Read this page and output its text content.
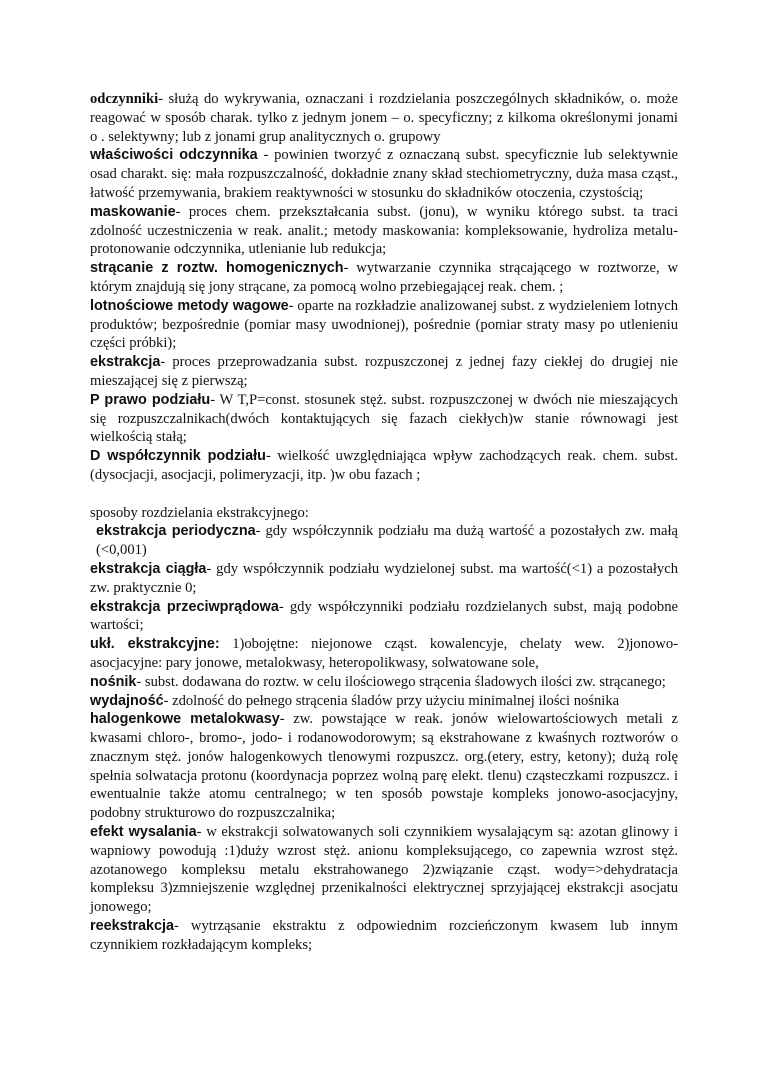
odczynniki- służą do wykrywania, oznaczani i rozdzielania poszczególnych składników, o. może reagować w sposób charak. tylko z jednym jonem – o. specyficzny; z kilkoma określonymi jonami o . selektywny; lub z jonami grup analitycznych o. grupowy

właściwości odczynnika - powinien tworzyć z oznaczaną subst. specyficznie lub selektywnie osad charakt. się: mała rozpuszczalność, dokładnie znany skład stechiometryczny, duża masa cząst., łatwość przemywania, brakiem reaktywności w stosunku do składników otoczenia, czystością;

maskowanie- proces chem. przekształcania subst. (jonu), w wyniku którego subst. ta traci zdolność uczestniczenia w reak. analit.; metody maskowania: kompleksowanie, hydroliza metalu-protonowanie odczynnika, utlenianie lub redukcja;

strącanie z roztw. homogenicznych- wytwarzanie czynnika strącającego w roztworze, w którym znajdują się jony strącane, za pomocą wolno przebiegającej reak. chem. ;

lotnościowe metody wagowe- oparte na rozkładzie analizowanej subst. z wydzieleniem lotnych produktów; bezpośrednie (pomiar masy uwodnionej), pośrednie (pomiar straty masy po utlenieniu części próbki);

ekstrakcja- proces przeprowadzania subst. rozpuszczonej z jednej fazy ciekłej do drugiej nie mieszającej się z pierwszą;

P prawo podziału- W T,P=const. stosunek stęż. subst. rozpuszczonej w dwóch nie mieszających się rozpuszczalnikach(dwóch kontaktujących się fazach ciekłych)w stanie równowagi jest wielkością stałą;

D współczynnik podziału- wielkość uwzględniająca wpływ zachodzących reak. chem. subst. (dysocjacji, asocjacji, polimeryzacji, itp. )w obu fazach ;

sposoby rozdzielania ekstrakcyjnego:

ekstrakcja periodyczna- gdy współczynnik podziału ma dużą wartość a pozostałych zw. małą (<0,001)

ekstrakcja ciągła- gdy współczynnik podziału wydzielonej subst. ma wartość(<1) a pozostałych zw. praktycznie 0;

ekstrakcja przeciwprądowa- gdy współczynniki podziału rozdzielanych subst, mają podobne wartości;

ukł. ekstrakcyjne: 1)obojętne: niejonowe cząst. kowalencyje, chelaty wew. 2)jonowo-asocjacyjne: pary jonowe, metalokwasy, heteropolikwasy, solwatowane sole,

nośnik- subst. dodawana do roztw. w celu ilościowego strącenia śladowych ilości zw. strącanego;

wydajność- zdolność do pełnego strącenia śladów przy użyciu minimalnej ilości nośnika

halogenkowe metalokwasy- zw. powstające w reak. jonów wielowartościowych metali z kwasami chloro-, bromo-, jodo- i rodanowodorowym; są ekstrahowane z kwaśnych roztworów o znacznym stęż. jonów halogenkowych tlenowymi rozpuszcz. org.(etery, estry, ketony); dużą rolę spełnia solwatacja protonu (koordynacja poprzez wolną parę elekt. tlenu) cząsteczkami rozpuszcz. i ewentualnie także atomu centralnego; w ten sposób powstaje kompleks jonowo-asocjacyjny, podobny strukturowo do rozpuszczalnika;

efekt wysalania- w ekstrakcji solwatowanych soli czynnikiem wysalającym są: azotan glinowy i wapniowy powodują :1)duży wzrost stęż. anionu kompleksującego, co zapewnia wzrost stęż. azotanowego kompleksu metalu ekstrahowanego 2)związanie cząst. wody=>dehydratacja kompleksu 3)zmniejszenie względnej przenikalności elektrycznej sprzyjającej ekstrakcji asocjatu jonowego;

reekstrakcja- wytrząsanie ekstraktu z odpowiednim rozcieńczonym kwasem lub innym czynnikiem rozkładającym kompleks;
